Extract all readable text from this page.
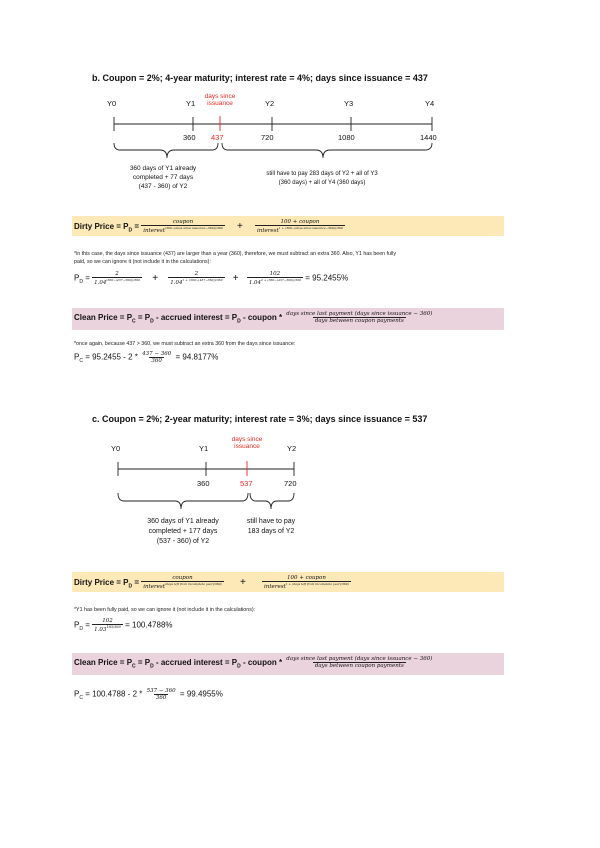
b. Coupon = 2%; 4-year maturity; interest rate = 4%; days since issuance = 437
Y0	Y1	Y2	Y3	Y4
days since
issuance
360 437	720	1080	1440
360 days of Y1 already
completed + 77 days
(437 - 360) of Y2
still have to pay 283 days of Y2 + all of Y3
(360 days) + all of Y4 (360 days)
Dirty Price = $P_D = \frac{\text{coupon}}{interest^{(360-(days since issuance-360))/360}} + \frac{\text{100 + coupon}}{interest^{1 + (360-(days since issuance-360))/360}}$
*in this case, the days since issuance (437) are larger than a year (360), therefore, we must subtract an extra 360. Also, Y1 has been fully
paid, so we can ignore it (not include it in the calculations):
$P_D = \frac{2}{1.04^{(360-(437-360))/360}} + \frac{2}{1.04^{1 + (360-(437-360))/360}} + \frac{102}{1.04^{2 + (360-(437-360))/360}} = 95.2455\%$
Clean Price = $P_C = P_D$ - accrued interest = $P_D$ - coupon * $\frac{\text{days since last payment (days since issuance − 360)}}{\text{days between coupon payments}}$
*once again, because 437 > 360, we must subtract an extra 360 from the days since issuance:
$P_C = 95.2455 - 2 * \frac{437 - 360}{360} = 94.8177\%$
c. Coupon = 2%; 2-year maturity; interest rate = 3%; days since issuance = 537
Y0	Y1	Y2
days since
issuance
360	537	720
360 days of Y1 already
completed + 177 days
(537 - 360) of Y2
still have to pay
183 days of Y2
Dirty Price = $P_D = \frac{\text{coupon}}{interest^{(days left from incomplete year)/360)}}$ +	$\frac{\text{100 + coupon}}{interest^{1 + (days left from incomplete year)/360)}}$
*Y1 has been fully paid, so we can ignore it (not include it in the calculations):
$P_D = \frac{102}{1.03^{183/360}} = 100.4788\%$
Clean Price = $P_C = P_D$ - accrued interest = $P_D$ - coupon * $\frac{\text{days since last payment (days since issuance − 360)}}{\text{days between coupon payments}}$
$P_C = 100.4788 - 2 * \frac{537 - 360}{360} = 99.4955\%$
